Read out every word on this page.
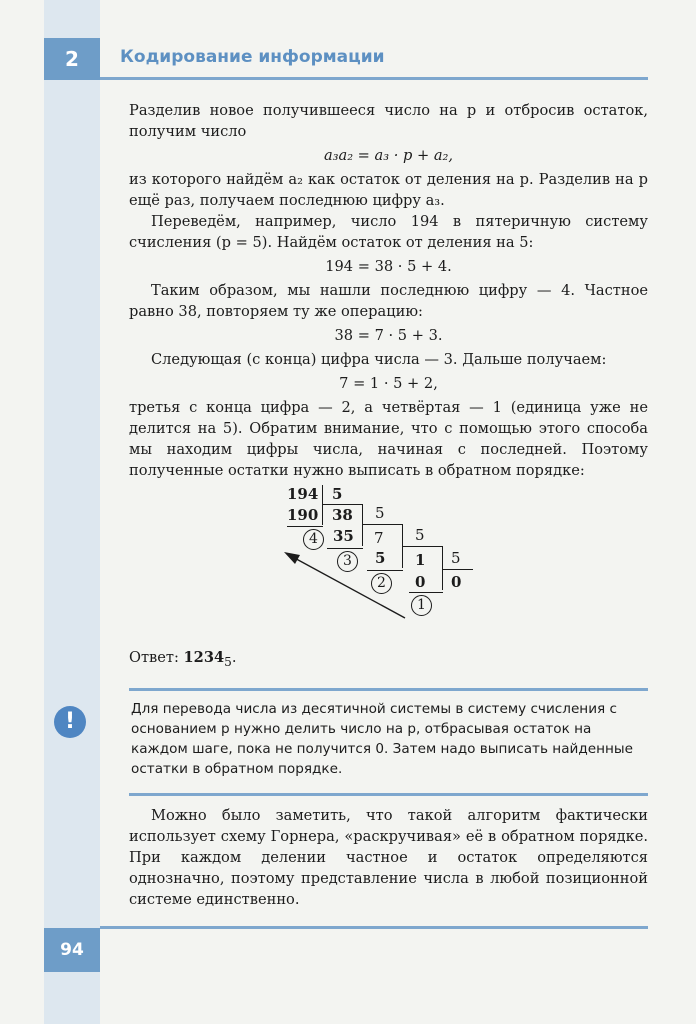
2	Кодирование информации

Разделив новое получившееся число на p и отбросив остаток, получим число

a₃a₂ = a₃ · p + a₂,

из которого найдём a₂ как остаток от деления на p. Разделив на p ещё раз, получаем последнюю цифру a₃.

Переведём, например, число 194 в пятеричную систему счисления (p = 5). Найдём остаток от деления на 5:

194 = 38 · 5 + 4.

Таким образом, мы нашли последнюю цифру — 4. Частное равно 38, повторяем ту же операцию:

38 = 7 · 5 + 3.

Следующая (с конца) цифра числа — 3. Дальше получаем:

7 = 1 · 5 + 2,

третья с конца цифра — 2, а четвёртая — 1 (единица уже не делится на 5). Обратим внимание, что с помощью этого способа мы находим цифры числа, начиная с последней. Поэтому полученные остатки нужно выписать в обратном порядке:

194 5
190 38
4
5
35 7
3
5
5 1
2
5
0 0
1

Ответ: $1234_5$.

!	Для перевода числа из десятичной системы в систему счисления с основанием p нужно делить число на p, отбрасывая остаток на каждом шаге, пока не получится 0. Затем надо выписать найденные остатки в обратном порядке.

Можно было заметить, что такой алгоритм фактически использует схему Горнера, «раскручивая» её в обратном порядке. При каждом делении частное и остаток определяются однозначно, поэтому представление числа в любой позиционной системе единственно.

94
